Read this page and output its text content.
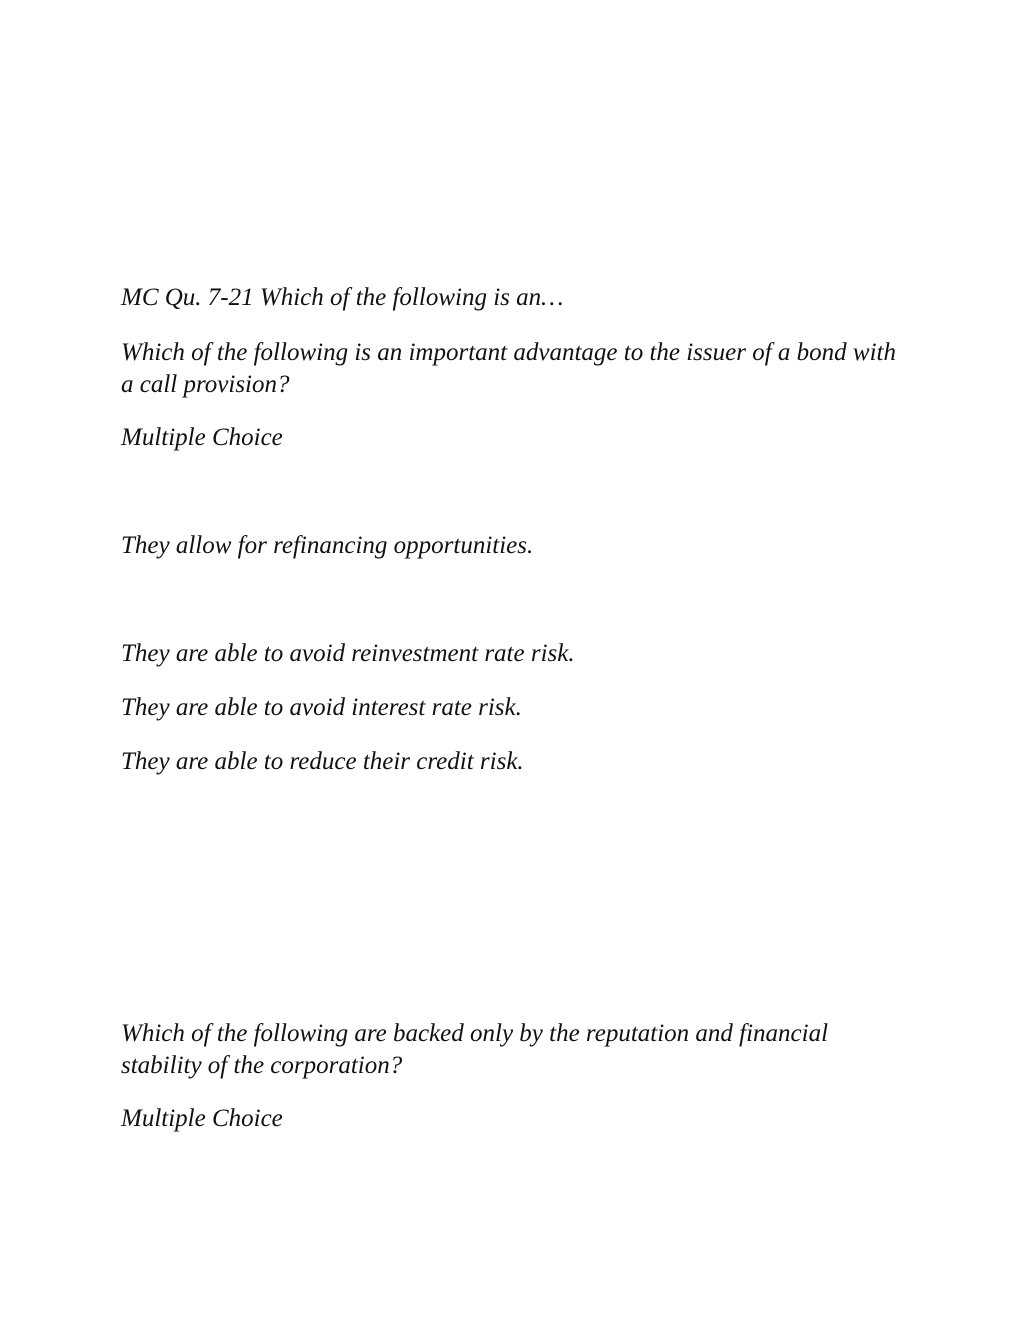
MC Qu. 7-21 Which of the following is an…

Which of the following is an important advantage to the issuer of a bond with a call provision?

Multiple Choice

They allow for refinancing opportunities.

They are able to avoid reinvestment rate risk.

They are able to avoid interest rate risk.

They are able to reduce their credit risk.

Which of the following are backed only by the reputation and financial stability of the corporation?

Multiple Choice
